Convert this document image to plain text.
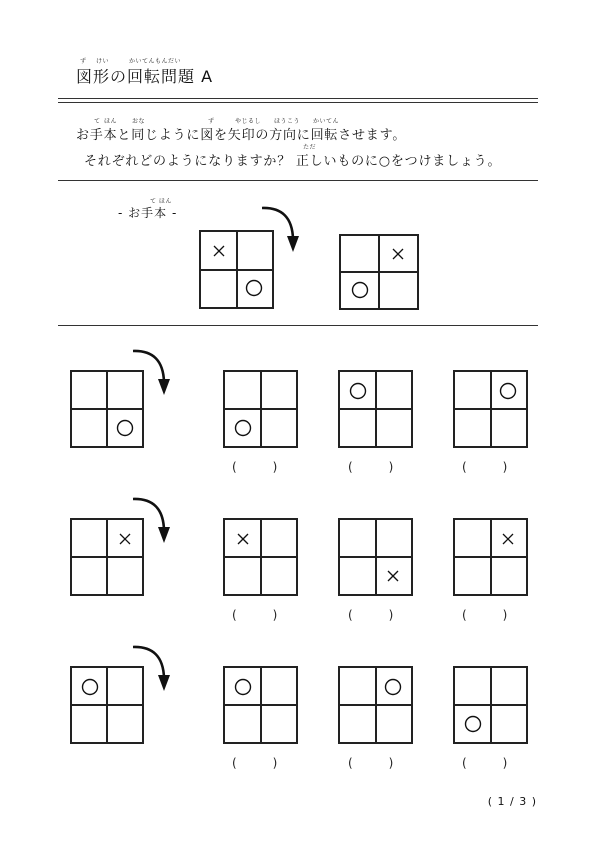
ず けい	かいてんもんだい
図形の回転問題 A
て ほん おな	ず	やじるし ほうこう かいてん
お手本と同じように図を矢印の方向に回転させます。
ただ
それぞれどのようになりますか？ 正しいものに○をつけましょう。
て ほん
- お手本 -
(　　　)	(　　　)	(　　　)
(　　　)	(　　　)	(　　　)
(　　　)	(　　　)	(　　　)
( 1 / 3 )
